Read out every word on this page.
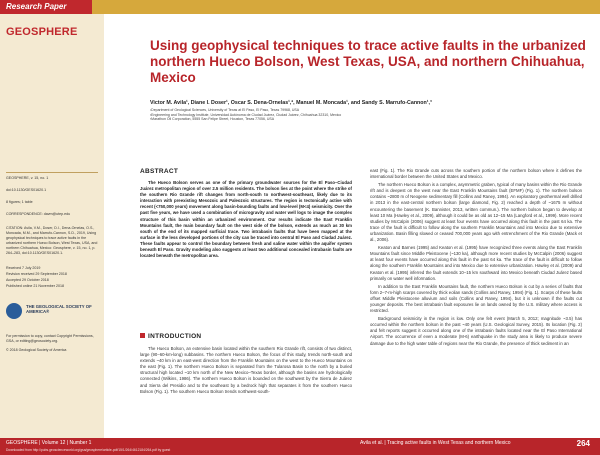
Research Paper
GEOSPHERE
GEOSPHERE, v. 15, no. 1
doi:10.1130/GES01620.1
8 figures; 1 table
CORRESPONDENCE: davm@utep.edu
CITATION: Avila, V.M., Doser, D.I., Dena-Ornelas, O.S., Moncada, M.M., and Marrufo-Cannon, S.D., 2019, Using geophysical techniques to trace active faults in the urbanized northern Hueco Bolson, West Texas, USA, and northern Chihuahua, Mexico: Geosphere, v. 15, no. 1, p. 264–283, doi:10.1130/GES01620.1.
Received 7 July 2019
Revision received 29 September 2018
Accepted 29 October 2018
Published online 21 November 2018
THE GEOLOGICAL SOCIETY OF AMERICA®
For permission to copy, contact Copyright Permissions, GSA, or editing@geosociety.org.
© 2018 Geological Society of America
Using geophysical techniques to trace active faults in the urbanized northern Hueco Bolson, West Texas, USA, and northern Chihuahua, Mexico
Victor M. Avila¹, Diane I. Doser¹, Oscar S. Dena-Ornelas¹,², Manuel M. Moncada¹, and Sandy S. Marrufo-Cannon¹,³
¹Department of Geological Sciences, University of Texas at El Paso, El Paso, Texas 79968, USA
²Engineering and Technology Institute, Universidad Autónoma de Ciudad Juárez, Ciudad Juárez, Chihuahua 32310, Mexico
³Marathon Oil Corporation, 5555 San Felipe Street, Houston, Texas 77056, USA
ABSTRACT

The Hueco Bolson serves as one of the primary groundwater sources for the El Paso–Ciudad Juárez metropolitan region of over 2.5 million residents. The bolson lies at the point where the strike of the southern Rio Grande rift changes from north-south to northwest-southeast, likely due to its interaction with preexisting Mesozoic and Paleozoic structures. The region is tectonically active with recent (<750,000 years) movement along basin-bounding faults and low-level (M<4) seismicity. Over the past five years, we have used a combination of microgravity and water well logs to image the complex structure of this basin within an urbanized environment. Our results indicate the East Franklin Mountains fault, the main boundary fault on the west side of the bolson, extends as much as 30 km south of the end of its mapped surficial trace. Two intrabasin faults that have been mapped at the surface in the less developed portions of the city can be traced into central El Paso and Ciudad Juárez. These faults appear to control the boundary between fresh and saline water within the aquifer system beneath El Paso. Gravity modeling also suggests at least two additional concealed intrabasin faults are located beneath the metropolitan area.

INTRODUCTION

The Hueco Bolson, an extensive basin located within the southern Rio Grande rift, consists of two distinct, large (90–60-km-long) subbasins. The northern Hueco Bolson, the focus of this study, trends north-south and extends ~40 km in an east-west direction from the Franklin Mountains on the west to the Hueco Mountains on the east (Fig. 1). The northern Hueco Bolson is separated from the Tularosa Basin to the north by a buried structural high located ~10 km north of the New Mexico–Texas border, although the basins are hydrologically connected (Wilkins, 1986). The northern Hueco Bolson is bounded on the southwest by the Sierra de Juárez and Sierra del Presidio and to the southeast by a bedrock high that separates it from the southern Hueco Bolson (Fig. 1). The southern Hueco Bolson trends northwest-south-

east (Fig. 1). The Rio Grande cuts across the southern portion of the northern bolson where it defines the international border between the United States and Mexico.

The northern Hueco Bolson is a complex, asymmetric graben, typical of many basins within the Rio Grande rift and is deepest on the west near the East Franklin Mountains fault (EFMF) (Fig. 1). The northern bolson contains ~2800 m of Neogene sedimentary fill (Collins and Raney, 1994). An exploratory geothermal well drilled in 2013 in the east-central northern bolson (large diamond, Fig. 2) reached a depth of ~1675 m without encountering the basement (K. Bannister, 2013, written commun.). The northern bolson began to develop at least 10 Ma (Hawley et al., 2009), although it could be as old as 12–15 Ma (Langford et al., 1999). More recent studies by McCalpin (2006) suggest at least four events have occurred along this fault in the past 64 ka. The trace of the fault is difficult to follow along the southern Franklin Mountains and into Mexico due to extensive urbanization. Basin filling slowed or ceased 700,000 years ago with entrenchment of the Rio Grande (Mack et al., 2006).

Keaton and Barnes (1995) and Keaton et al. (1995) have recognized three events along the East Franklin Mountains fault since Middle Pleistocene (~130 ka), although more recent studies by McCalpin (2006) suggest at least four events have occurred along this fault in the past 64 ka. The trace of the fault is difficult to follow along the southern Franklin Mountains and into Mexico due to extensive urbanization. Hawley et al. (2009) and Keaton et al. (1995) inferred the fault extends 10–15 km southward into Mexico beneath Ciudad Juárez based primarily on water well information.

In addition to the East Franklin Mountains fault, the northern Hueco Bolson is cut by a series of faults that form 2–7-m-high scarps covered by thick eolian sands (Collins and Raney, 1994) (Fig. 1). Scarps of these faults offset Middle Pleistocene alluvium and soils (Collins and Raney, 1994), but it is unknown if the faults cut younger deposits. The best intrabasin fault exposures lie on lands owned by the U.S. military where access is restricted.

Background seismicity in the region is low. Only one felt event (March 5, 2012; magnitude ~3.5) has occurred within the northern bolson in the past ~40 years (U.S. Geological Survey, 2015). Its location (Fig. 2) and felt reports suggest it occurred along one of the intrabasin faults located near the El Paso International Airport. The occurrence of even a moderate (M-6) earthquake in the study area is likely to produce severe damage due to the high water table of regions near the Rio Grande, the presence of thick sediment in an

GEOSPHERE | Volume 12 | Number 1	Avila et al. | Tracing active faults in West Texas and northern Mexico	264
Downloaded from http://pubs.geoscienceworld.org/gsa/geosphere/article-pdf/15/1/264/4612184/264.pdf by guest
